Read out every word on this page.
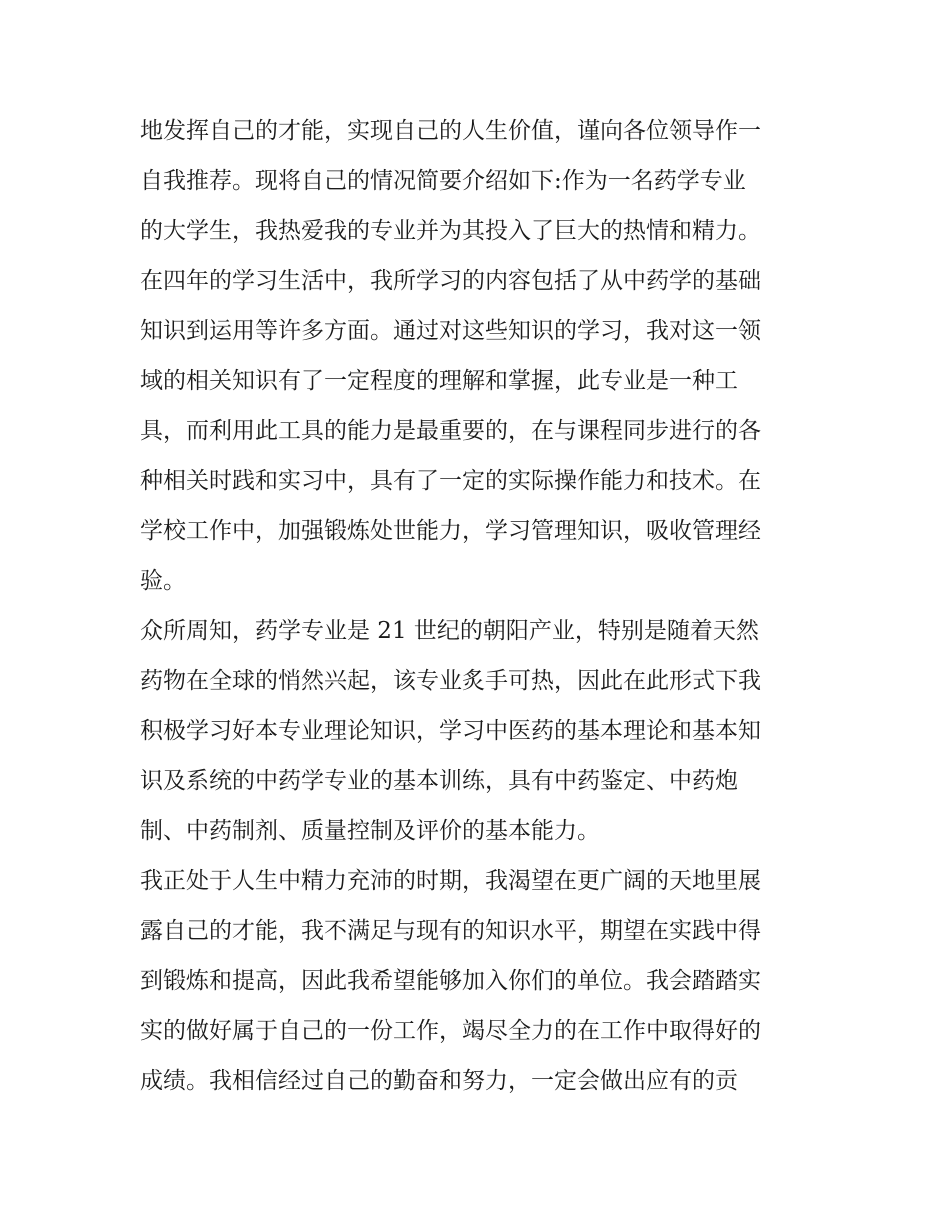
地发挥自己的才能，实现自己的人生价值，谨向各位领导作一
自我推荐。现将自己的情况简要介绍如下:作为一名药学专业
的大学生，我热爱我的专业并为其投入了巨大的热情和精力。
在四年的学习生活中，我所学习的内容包括了从中药学的基础
知识到运用等许多方面。通过对这些知识的学习，我对这一领
域的相关知识有了一定程度的理解和掌握，此专业是一种工
具，而利用此工具的能力是最重要的，在与课程同步进行的各
种相关时践和实习中，具有了一定的实际操作能力和技术。在
学校工作中，加强锻炼处世能力，学习管理知识，吸收管理经
验。
众所周知，药学专业是 21 世纪的朝阳产业，特别是随着天然
药物在全球的悄然兴起，该专业炙手可热，因此在此形式下我
积极学习好本专业理论知识，学习中医药的基本理论和基本知
识及系统的中药学专业的基本训练，具有中药鉴定、中药炮
制、中药制剂、质量控制及评价的基本能力。
我正处于人生中精力充沛的时期，我渴望在更广阔的天地里展
露自己的才能，我不满足与现有的知识水平，期望在实践中得
到锻炼和提高，因此我希望能够加入你们的单位。我会踏踏实
实的做好属于自己的一份工作，竭尽全力的在工作中取得好的
成绩。我相信经过自己的勤奋和努力，一定会做出应有的贡
